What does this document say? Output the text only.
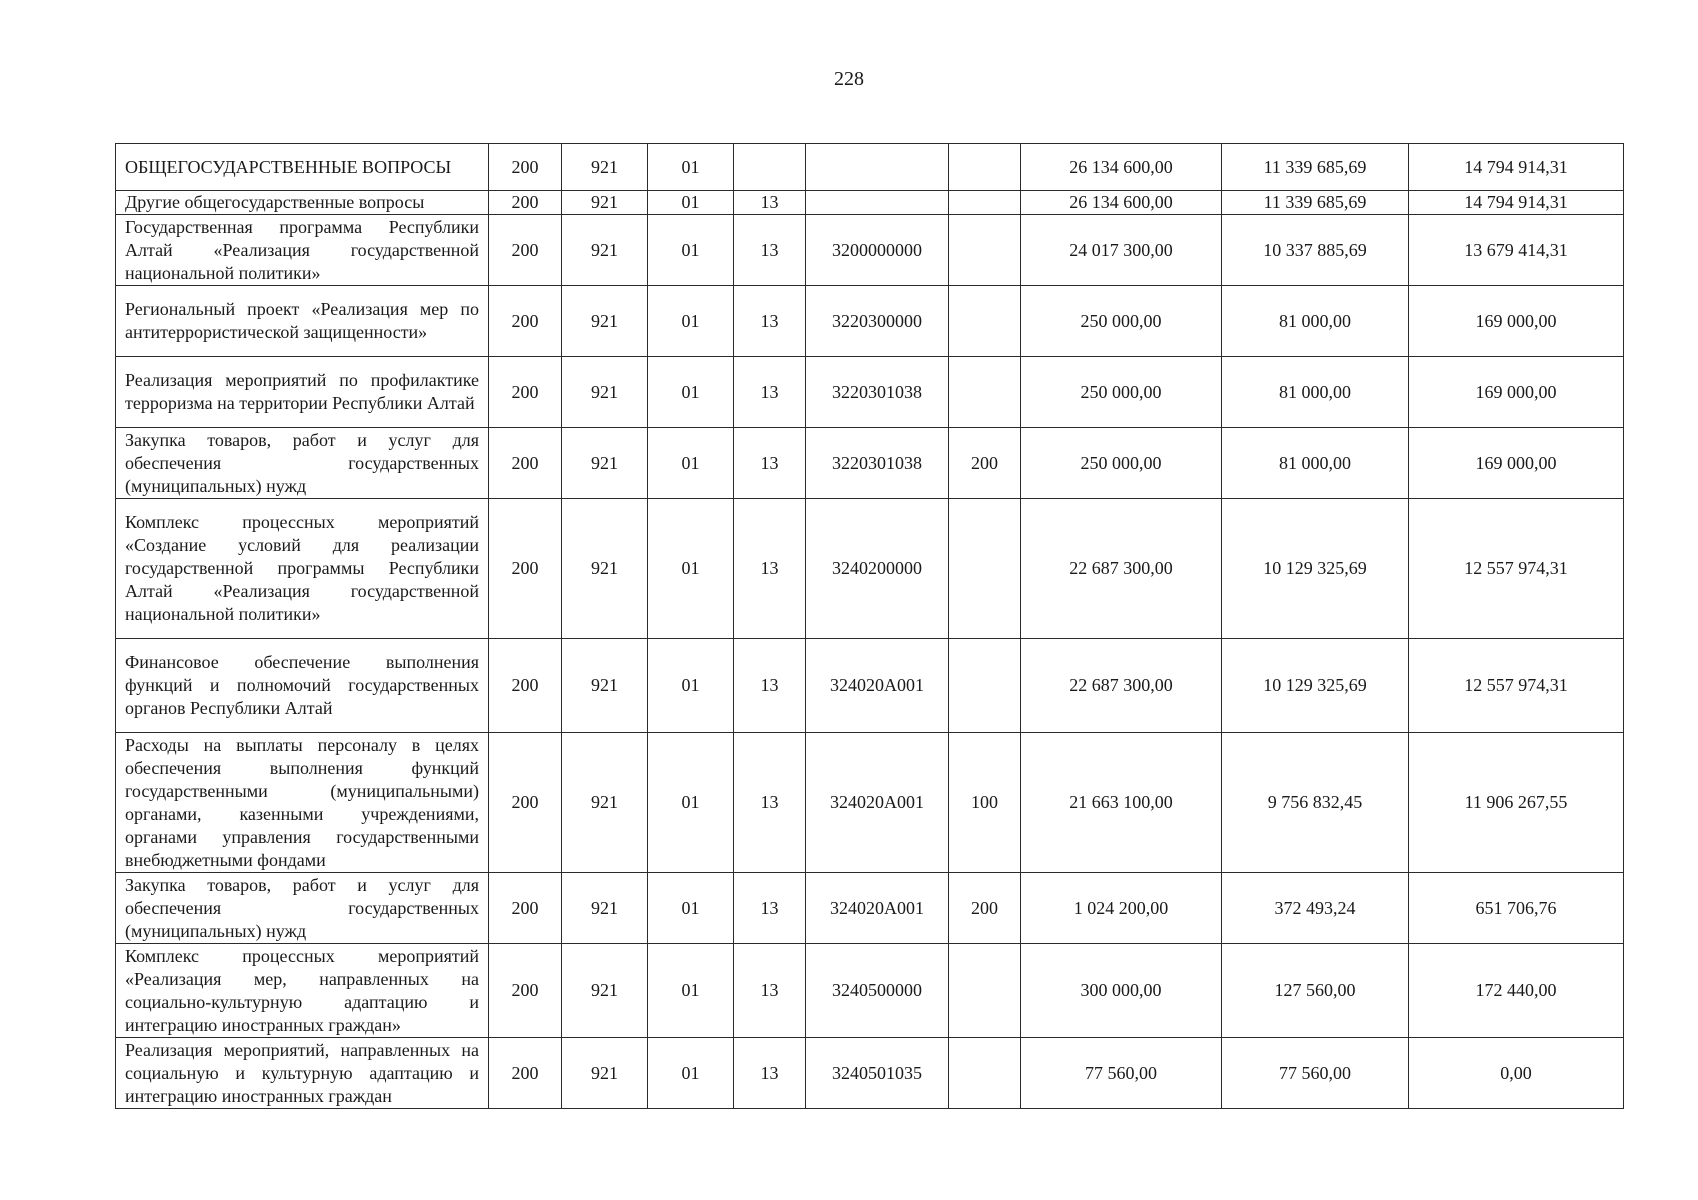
228
ОБЩЕГОСУДАРСТВЕННЫЕ ВОПРОСЫ	200	921	01				26 134 600,00	11 339 685,69	14 794 914,31
Другие общегосударственные вопросы	200	921	01	13			26 134 600,00	11 339 685,69	14 794 914,31
Государственная программа Республики Алтай «Реализация государственной национальной политики»	200	921	01	13	3200000000		24 017 300,00	10 337 885,69	13 679 414,31
Региональный проект «Реализация мер по антитеррористической защищенности»	200	921	01	13	3220300000		250 000,00	81 000,00	169 000,00
Реализация мероприятий по профилактике терроризма на территории Республики Алтай	200	921	01	13	3220301038		250 000,00	81 000,00	169 000,00
Закупка товаров, работ и услуг для обеспечения государственных (муниципальных) нужд	200	921	01	13	3220301038	200	250 000,00	81 000,00	169 000,00
Комплекс процессных мероприятий «Создание условий для реализации государственной программы Республики Алтай «Реализация государственной национальной политики»	200	921	01	13	3240200000		22 687 300,00	10 129 325,69	12 557 974,31
Финансовое обеспечение выполнения функций и полномочий государственных органов Республики Алтай	200	921	01	13	324020А001		22 687 300,00	10 129 325,69	12 557 974,31
Расходы на выплаты персоналу в целях обеспечения выполнения функций государственными (муниципальными) органами, казенными учреждениями, органами управления государственными внебюджетными фондами	200	921	01	13	324020А001	100	21 663 100,00	9 756 832,45	11 906 267,55
Закупка товаров, работ и услуг для обеспечения государственных (муниципальных) нужд	200	921	01	13	324020А001	200	1 024 200,00	372 493,24	651 706,76
Комплекс процессных мероприятий «Реализация мер, направленных на социально-культурную адаптацию и интеграцию иностранных граждан»	200	921	01	13	3240500000		300 000,00	127 560,00	172 440,00
Реализация мероприятий, направленных на социальную и культурную адаптацию и интеграцию иностранных граждан	200	921	01	13	3240501035		77 560,00	77 560,00	0,00
